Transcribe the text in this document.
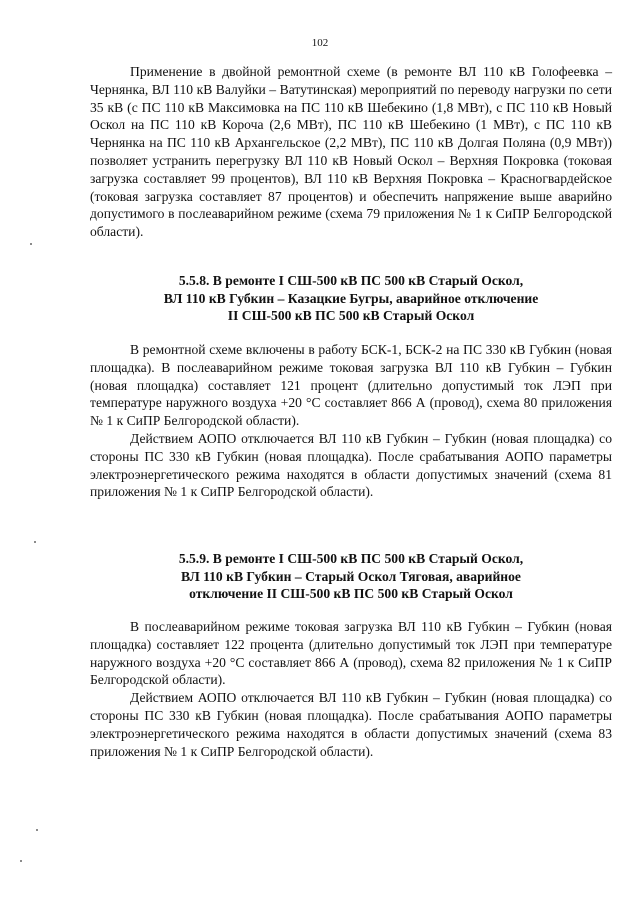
102

Применение в двойной ремонтной схеме (в ремонте ВЛ 110 кВ Голофеевка – Чернянка, ВЛ 110 кВ Валуйки – Ватутинская) мероприятий по переводу нагрузки по сети 35 кВ (с ПС 110 кВ Максимовка на ПС 110 кВ Шебекино (1,8 МВт), с ПС 110 кВ Новый Оскол на ПС 110 кВ Короча (2,6 МВт), ПС 110 кВ Шебекино (1 МВт), с ПС 110 кВ Чернянка на ПС 110 кВ Архангельское (2,2 МВт), ПС 110 кВ Долгая Поляна (0,9 МВт)) позволяет устранить перегрузку ВЛ 110 кВ Новый Оскол – Верхняя Покровка (токовая загрузка составляет 99 процентов), ВЛ 110 кВ Верхняя Покровка – Красногвардейское (токовая загрузка составляет 87 процентов) и обеспечить напряжение выше аварийно допустимого в послеаварийном режиме (схема 79 приложения № 1 к СиПР Белгородской области).

5.5.8. В ремонте I СШ-500 кВ ПС 500 кВ Старый Оскол,
ВЛ 110 кВ Губкин – Казацкие Бугры, аварийное отключение
II СШ-500 кВ ПС 500 кВ Старый Оскол

В ремонтной схеме включены в работу БСК-1, БСК-2 на ПС 330 кВ Губкин (новая площадка). В послеаварийном режиме токовая загрузка ВЛ 110 кВ Губкин – Губкин (новая площадка) составляет 121 процент (длительно допустимый ток ЛЭП при температуре наружного воздуха +20 °С составляет 866 А (провод), схема 80 приложения № 1 к СиПР Белгородской области).

Действием АОПО отключается ВЛ 110 кВ Губкин – Губкин (новая площадка) со стороны ПС 330 кВ Губкин (новая площадка). После срабатывания АОПО параметры электроэнергетического режима находятся в области допустимых значений (схема 81 приложения № 1 к СиПР Белгородской области).

5.5.9. В ремонте I СШ-500 кВ ПС 500 кВ Старый Оскол,
ВЛ 110 кВ Губкин – Старый Оскол Тяговая, аварийное
отключение II СШ-500 кВ ПС 500 кВ Старый Оскол

В послеаварийном режиме токовая загрузка ВЛ 110 кВ Губкин – Губкин (новая площадка) составляет 122 процента (длительно допустимый ток ЛЭП при температуре наружного воздуха +20 °С составляет 866 А (провод), схема 82 приложения № 1 к СиПР Белгородской области).

Действием АОПО отключается ВЛ 110 кВ Губкин – Губкин (новая площадка) со стороны ПС 330 кВ Губкин (новая площадка). После срабатывания АОПО параметры электроэнергетического режима находятся в области допустимых значений (схема 83 приложения № 1 к СиПР Белгородской области).
